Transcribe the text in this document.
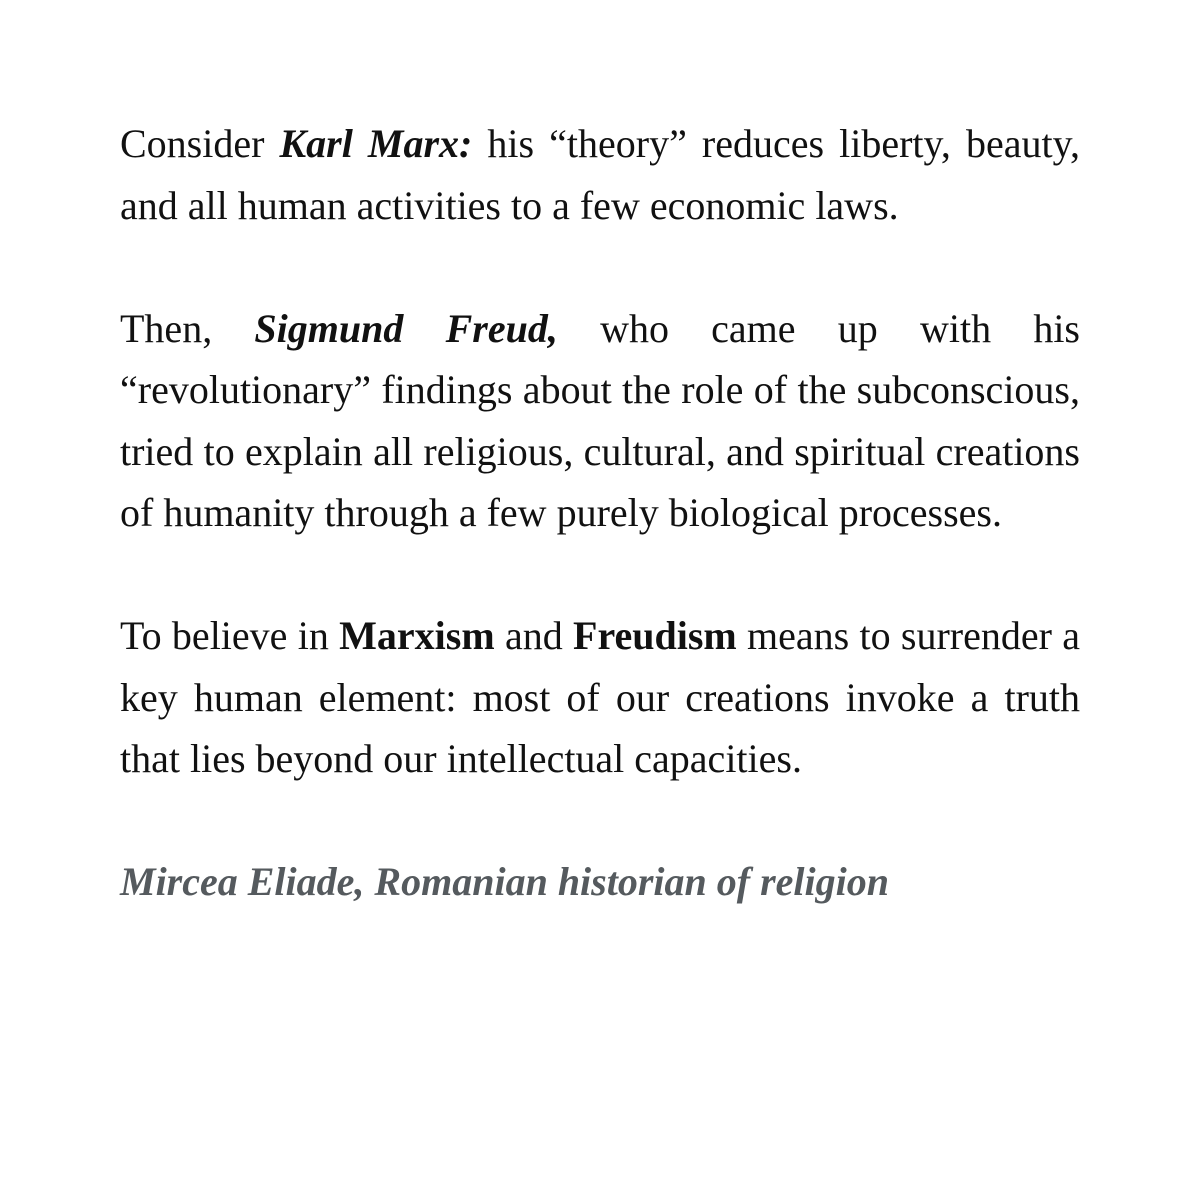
Consider Karl Marx: his “theory” reduces liberty, beauty, and all human activities to a few economic laws.

Then, Sigmund Freud, who came up with his “revolutionary” findings about the role of the subconscious, tried to explain all religious, cultural, and spiritual creations of humanity through a few purely biological processes.

To believe in Marxism and Freudism means to surrender a key human element: most of our creations invoke a truth that lies beyond our intellectual capacities.

Mircea Eliade, Romanian historian of religion
